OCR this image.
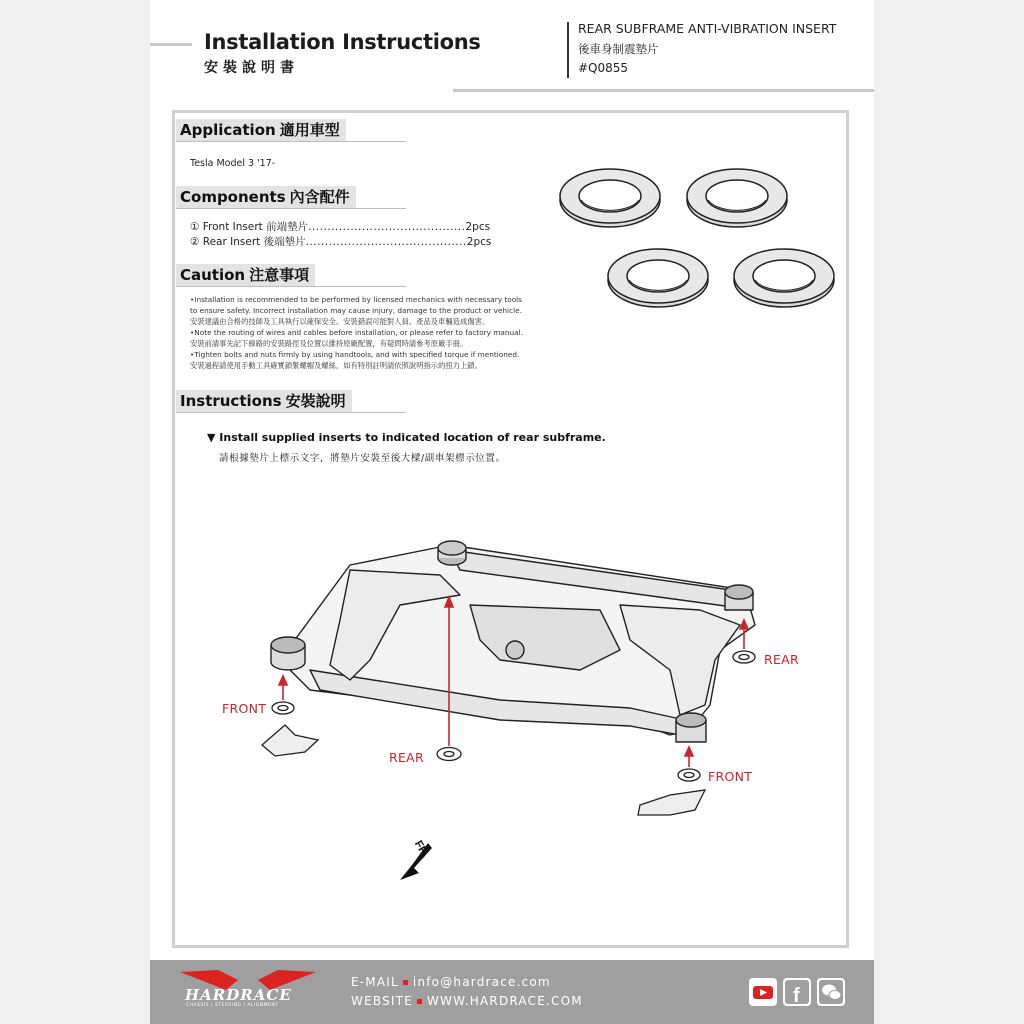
Installation Instructions
安裝說明書
REAR SUBFRAME ANTI-VIBRATION INSERT
後車身制震墊片
#Q0855
Application 適用車型
Tesla Model 3 '17-
Components 內含配件
① Front Insert 前端墊片.........................................2pcs
② Rear Insert 後端墊片..........................................2pcs
Caution 注意事項
•Installation is recommended to be performed by licensed mechanics with necessary tools
to ensure safety. Incorrect installation may cause injury, damage to the product or vehicle.
安裝建議由合格的技師及工具執行以確保安全。安裝錯誤可能對人員、產品及車輛造成傷害。
•Note the routing of wires and cables before installation, or please refer to factory manual.
安裝前請事先記下線路的安裝路徑及位置以維持原廠配置，有疑問時請參考原廠手冊。
•Tighten bolts and nuts firmly by using handtools, and with specified torque if mentioned.
安裝過程請使用手動工具確實鎖緊螺帽及螺絲，如有特別註明請依照說明指示的扭力上鎖。
Instructions 安裝說明
▼ Install supplied inserts to indicated location of rear subframe.
請根據墊片上標示文字，將墊片安裝至後大樑/副車架標示位置。
FR.
REAR
REAR
FRONT
FRONT
HARDRACE
CHASSIS | STEERING | ALIGNMENT
E-MAIL info@hardrace.com
WEBSITE WWW.HARDRACE.COM	f
